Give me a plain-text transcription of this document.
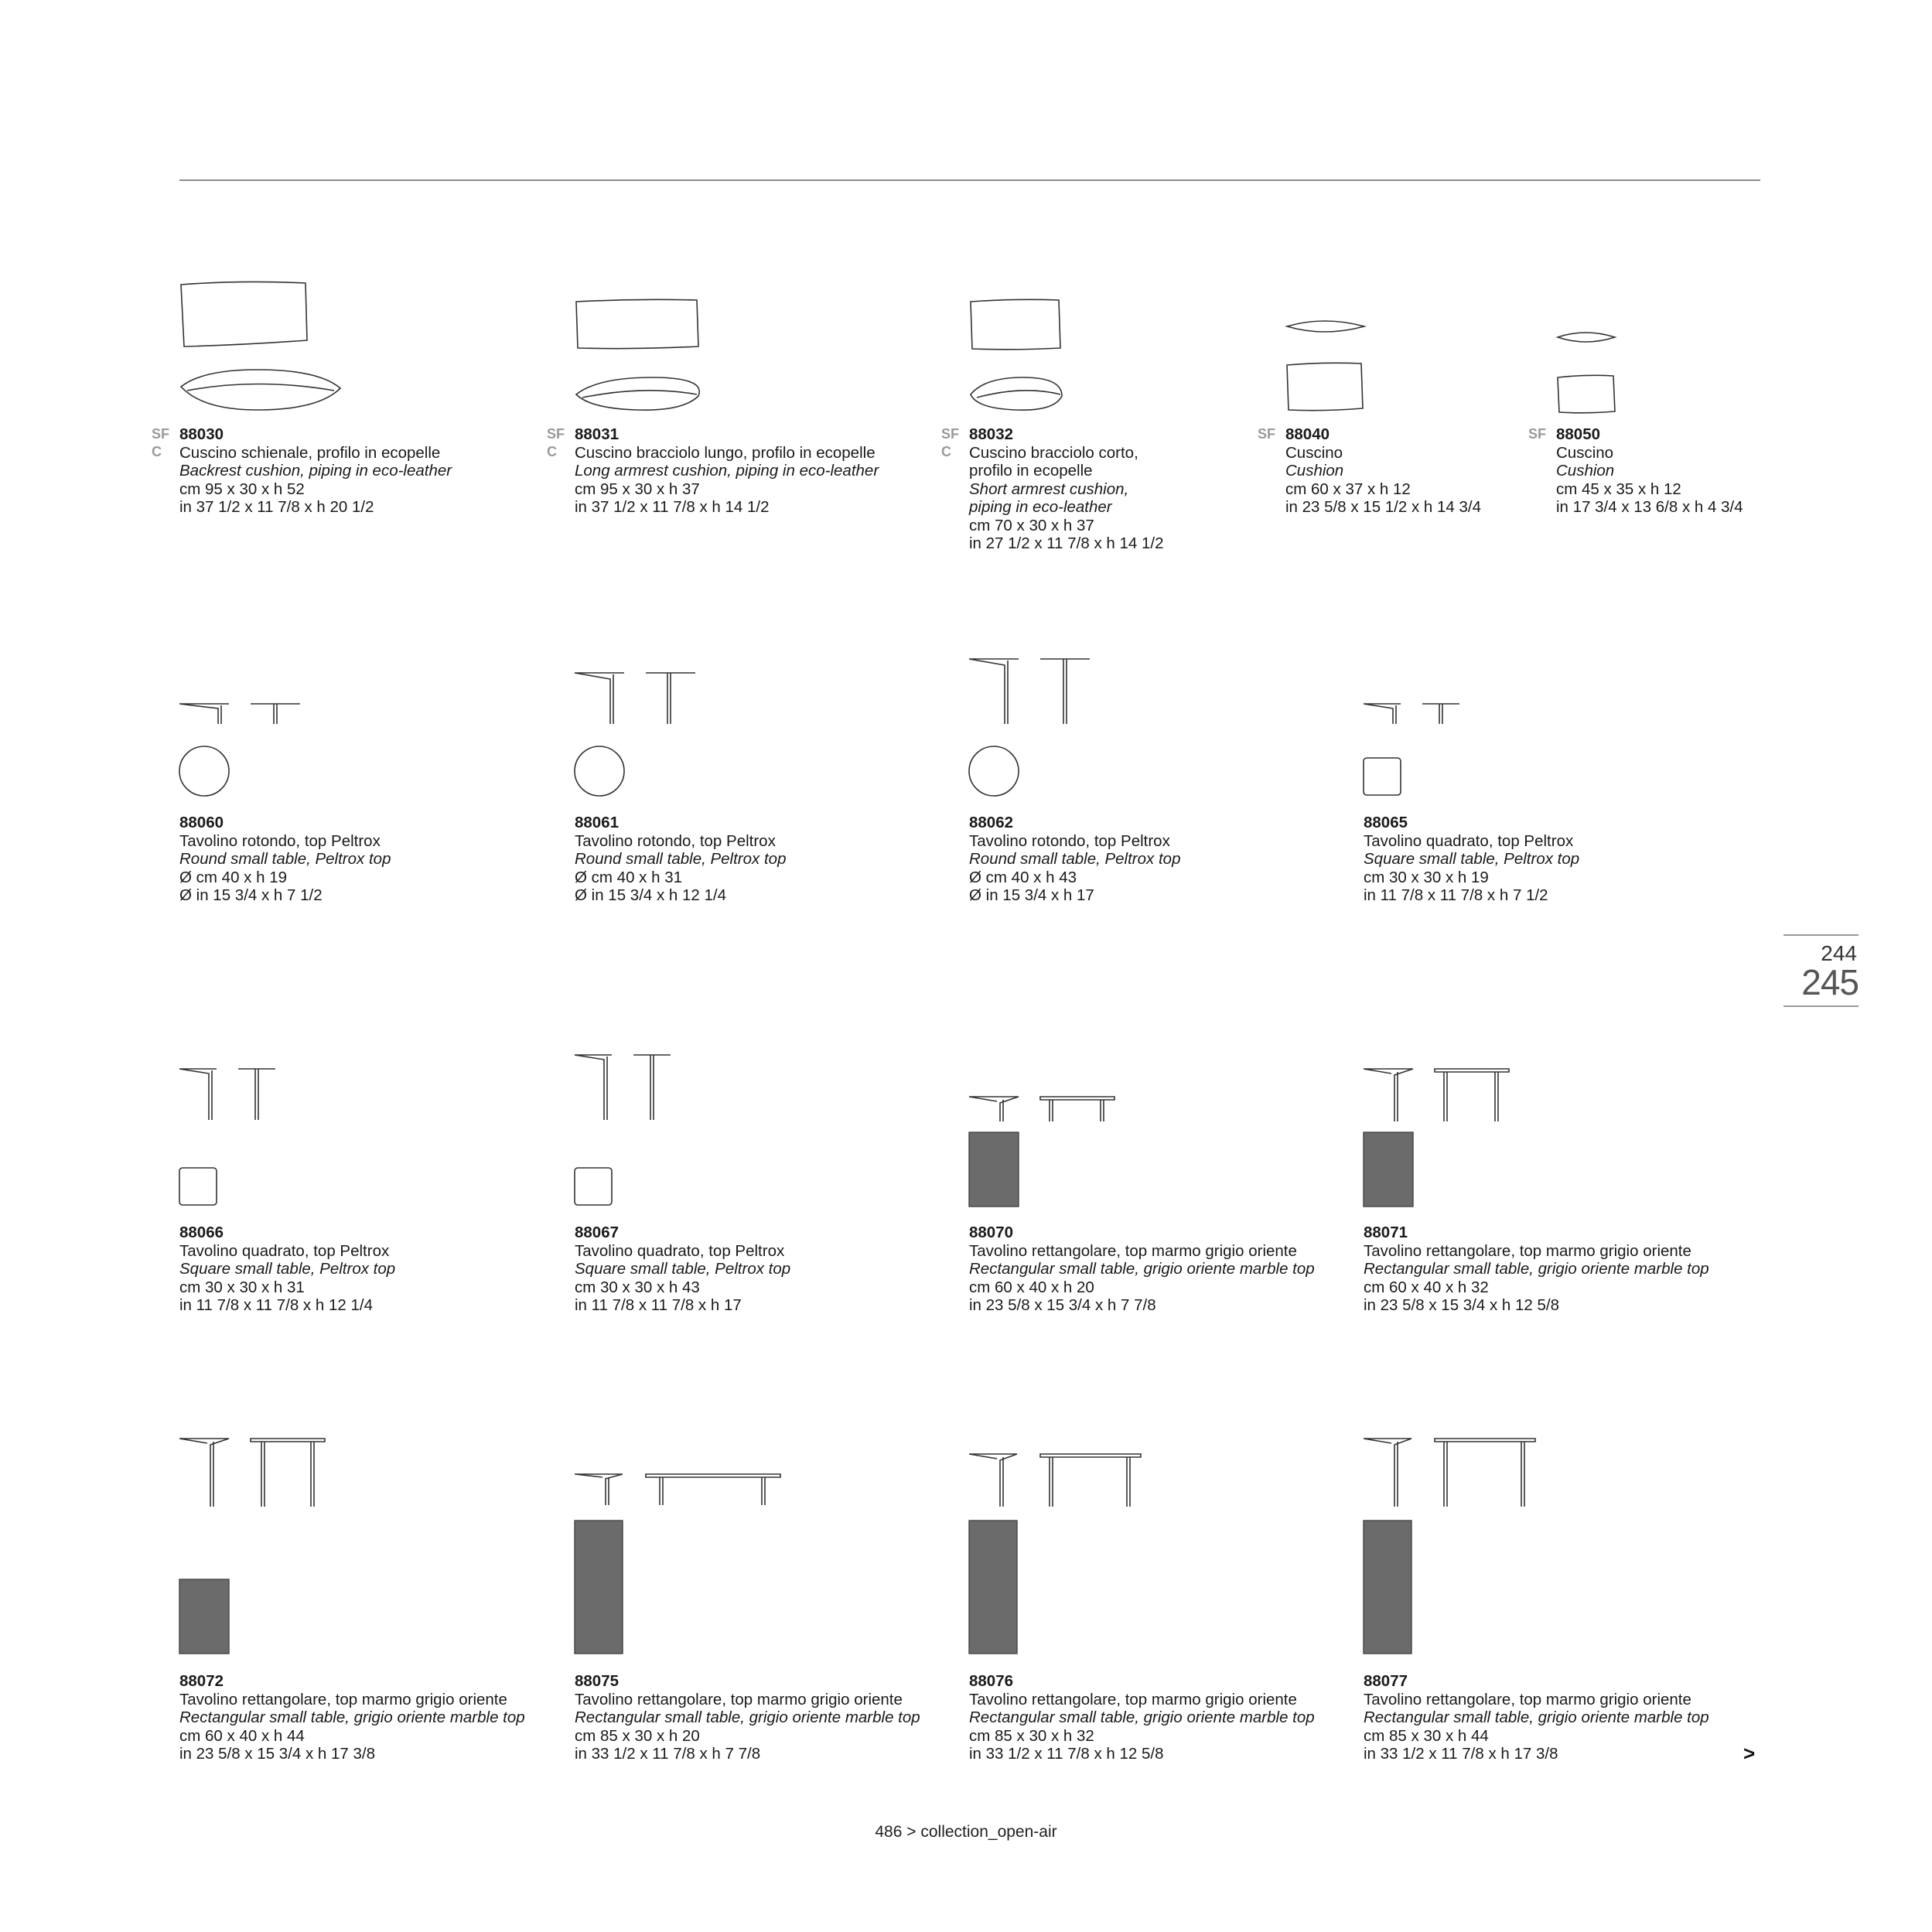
SF
C
88030
Cuscino schienale, profilo in ecopelle
Backrest cushion, piping in eco-leather
cm 95 x 30 x h 52
in 37 1/2 x 11 7/8 x h 20 1/2
SF
C
88031
Cuscino bracciolo lungo, profilo in ecopelle
Long armrest cushion, piping in eco-leather
cm 95 x 30 x h 37
in 37 1/2 x 11 7/8 x h 14 1/2
SF
C
88032
Cuscino bracciolo corto,
profilo in ecopelle
Short armrest cushion,
piping in eco-leather
cm 70 x 30 x h 37
in 27 1/2 x 11 7/8 x h 14 1/2
SF 88040
Cuscino
Cushion
cm 60 x 37 x h 12
in 23 5/8 x 15 1/2 x h 14 3/4
SF 88050
Cuscino
Cushion
cm 45 x 35 x h 12
in 17 3/4 x 13 6/8 x h 4 3/4
88060
Tavolino rotondo, top Peltrox
Round small table, Peltrox top
Ø cm 40 x h 19
Ø in 15 3/4 x h 7 1/2
88061
Tavolino rotondo, top Peltrox
Round small table, Peltrox top
Ø cm 40 x h 31
Ø in 15 3/4 x h 12 1/4
88062
Tavolino rotondo, top Peltrox
Round small table, Peltrox top
Ø cm 40 x h 43
Ø in 15 3/4 x h 17
88065
Tavolino quadrato, top Peltrox
Square small table, Peltrox top
cm 30 x 30 x h 19
in 11 7/8 x 11 7/8 x h 7 1/2
88066
Tavolino quadrato, top Peltrox
Square small table, Peltrox top
cm 30 x 30 x h 31
in 11 7/8 x 11 7/8 x h 12 1/4
88067
Tavolino quadrato, top Peltrox
Square small table, Peltrox top
cm 30 x 30 x h 43
in 11 7/8 x 11 7/8 x h 17
88070
Tavolino rettangolare, top marmo grigio oriente
Rectangular small table, grigio oriente marble top
cm 60 x 40 x h 20
in 23 5/8 x 15 3/4 x h 7 7/8
88071
Tavolino rettangolare, top marmo grigio oriente
Rectangular small table, grigio oriente marble top
cm 60 x 40 x h 32
in 23 5/8 x 15 3/4 x h 12 5/8
88072
Tavolino rettangolare, top marmo grigio oriente
Rectangular small table, grigio oriente marble top
cm 60 x 40 x h 44
in 23 5/8 x 15 3/4 x h 17 3/8
88075
Tavolino rettangolare, top marmo grigio oriente
Rectangular small table, grigio oriente marble top
cm 85 x 30 x h 20
in 33 1/2 x 11 7/8 x h 7 7/8
88076
Tavolino rettangolare, top marmo grigio oriente
Rectangular small table, grigio oriente marble top
cm 85 x 30 x h 32
in 33 1/2 x 11 7/8 x h 12 5/8
88077
Tavolino rettangolare, top marmo grigio oriente
Rectangular small table, grigio oriente marble top
cm 85 x 30 x h 44
in 33 1/2 x 11 7/8 x h 17 3/8
244
245
>
486 > collection_open-air
